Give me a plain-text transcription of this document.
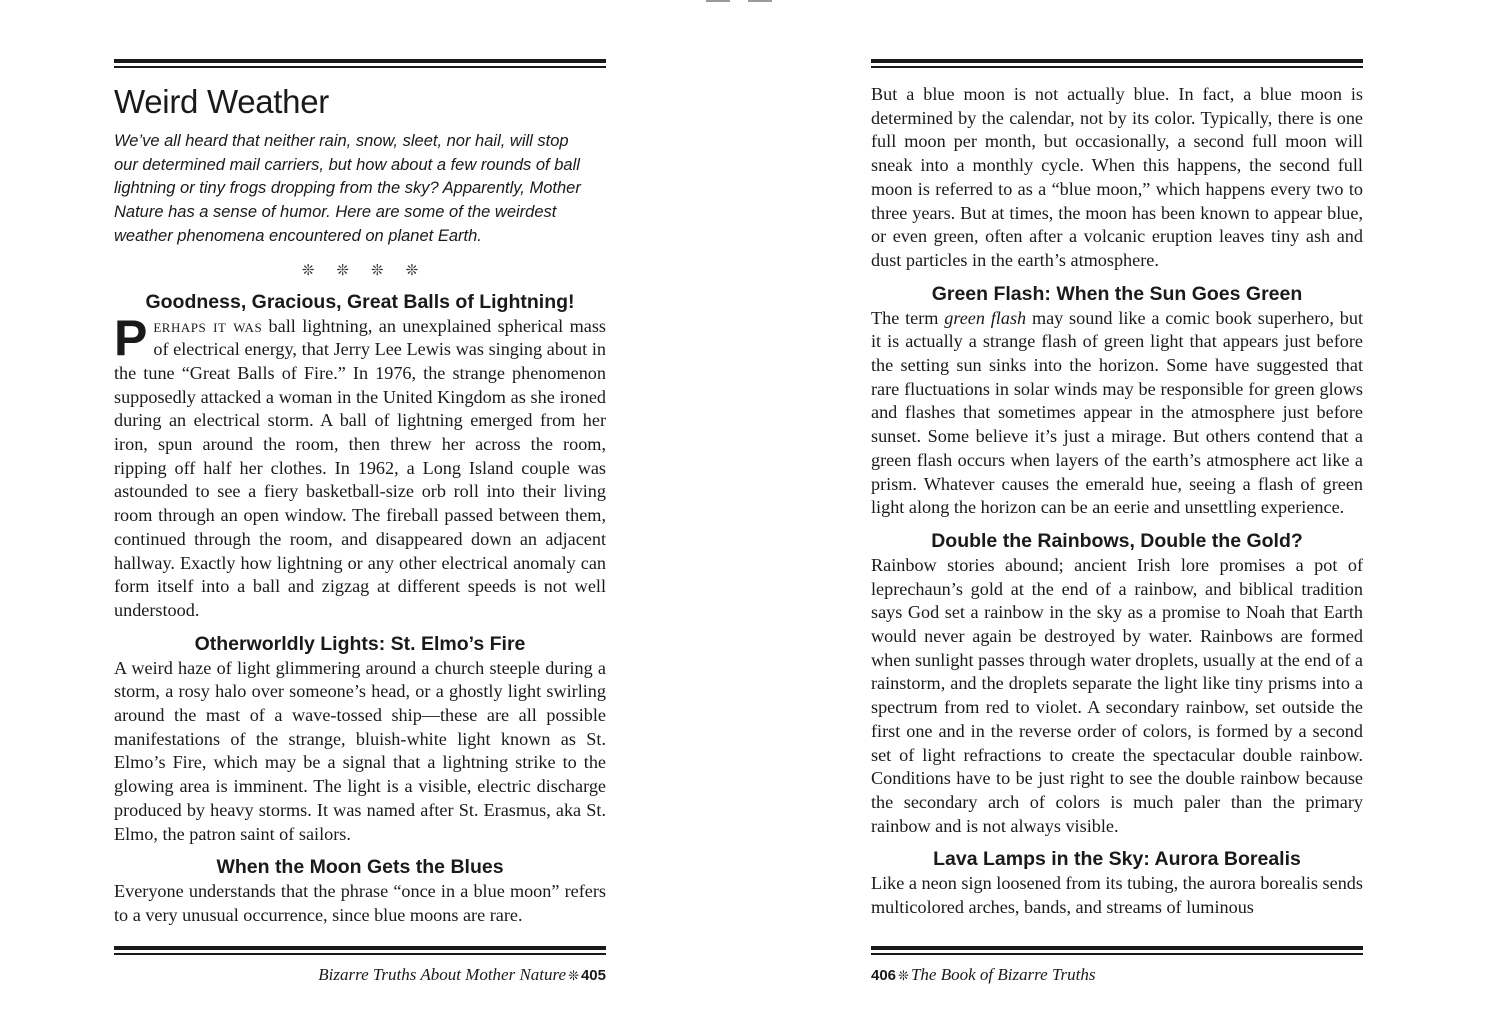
Weird Weather

We’ve all heard that neither rain, snow, sleet, nor hail, will stop our determined mail carriers, but how about a few rounds of ball lightning or tiny frogs dropping from the sky? Apparently, Mother Nature has a sense of humor. Here are some of the weirdest weather phenomena encountered on planet Earth.

❊❊❊❊
Goodness, Gracious, Great Balls of Lightning!

Perhaps it was ball lightning, an unexplained spherical mass of electrical energy, that Jerry Lee Lewis was singing about in the tune “Great Balls of Fire.” In 1976, the strange phenomenon supposedly attacked a woman in the United Kingdom as she ironed during an electrical storm. A ball of lightning emerged from her iron, spun around the room, then threw her across the room, ripping off half her clothes. In 1962, a Long Island couple was astounded to see a fiery basketball-size orb roll into their living room through an open window. The fireball passed between them, continued through the room, and disappeared down an adjacent hallway. Exactly how lightning or any other electrical anomaly can form itself into a ball and zigzag at different speeds is not well understood.

Otherworldly Lights: St. Elmo’s Fire

A weird haze of light glimmering around a church steeple during a storm, a rosy halo over someone’s head, or a ghostly light swirling around the mast of a wave-tossed ship—these are all possible manifestations of the strange, bluish-white light known as St. Elmo’s Fire, which may be a signal that a lightning strike to the glowing area is imminent. The light is a visible, electric discharge produced by heavy storms. It was named after St. Erasmus, aka St. Elmo, the patron saint of sailors.

When the Moon Gets the Blues

Everyone understands that the phrase “once in a blue moon” refers to a very unusual occurrence, since blue moons are rare.

Bizarre Truths About Mother Nature ❊ 405

But a blue moon is not actually blue. In fact, a blue moon is determined by the calendar, not by its color. Typically, there is one full moon per month, but occasionally, a second full moon will sneak into a monthly cycle. When this happens, the second full moon is referred to as a “blue moon,” which happens every two to three years. But at times, the moon has been known to appear blue, or even green, often after a volcanic eruption leaves tiny ash and dust particles in the earth’s atmosphere.

Green Flash: When the Sun Goes Green

The term green flash may sound like a comic book superhero, but it is actually a strange flash of green light that appears just before the setting sun sinks into the horizon. Some have suggested that rare fluctuations in solar winds may be responsible for green glows and flashes that sometimes appear in the atmosphere just before sunset. Some believe it’s just a mirage. But others contend that a green flash occurs when layers of the earth’s atmosphere act like a prism. Whatever causes the emerald hue, seeing a flash of green light along the horizon can be an eerie and unsettling experience.

Double the Rainbows, Double the Gold?

Rainbow stories abound; ancient Irish lore promises a pot of leprechaun’s gold at the end of a rainbow, and biblical tradition says God set a rainbow in the sky as a promise to Noah that Earth would never again be destroyed by water. Rainbows are formed when sunlight passes through water droplets, usually at the end of a rainstorm, and the droplets separate the light like tiny prisms into a spectrum from red to violet. A secondary rainbow, set outside the first one and in the reverse order of colors, is formed by a second set of light refractions to create the spectacular double rainbow. Conditions have to be just right to see the double rainbow because the secondary arch of colors is much paler than the primary rainbow and is not always visible.

Lava Lamps in the Sky: Aurora Borealis

Like a neon sign loosened from its tubing, the aurora borealis sends multicolored arches, bands, and streams of luminous

406 ❊ The Book of Bizarre Truths
